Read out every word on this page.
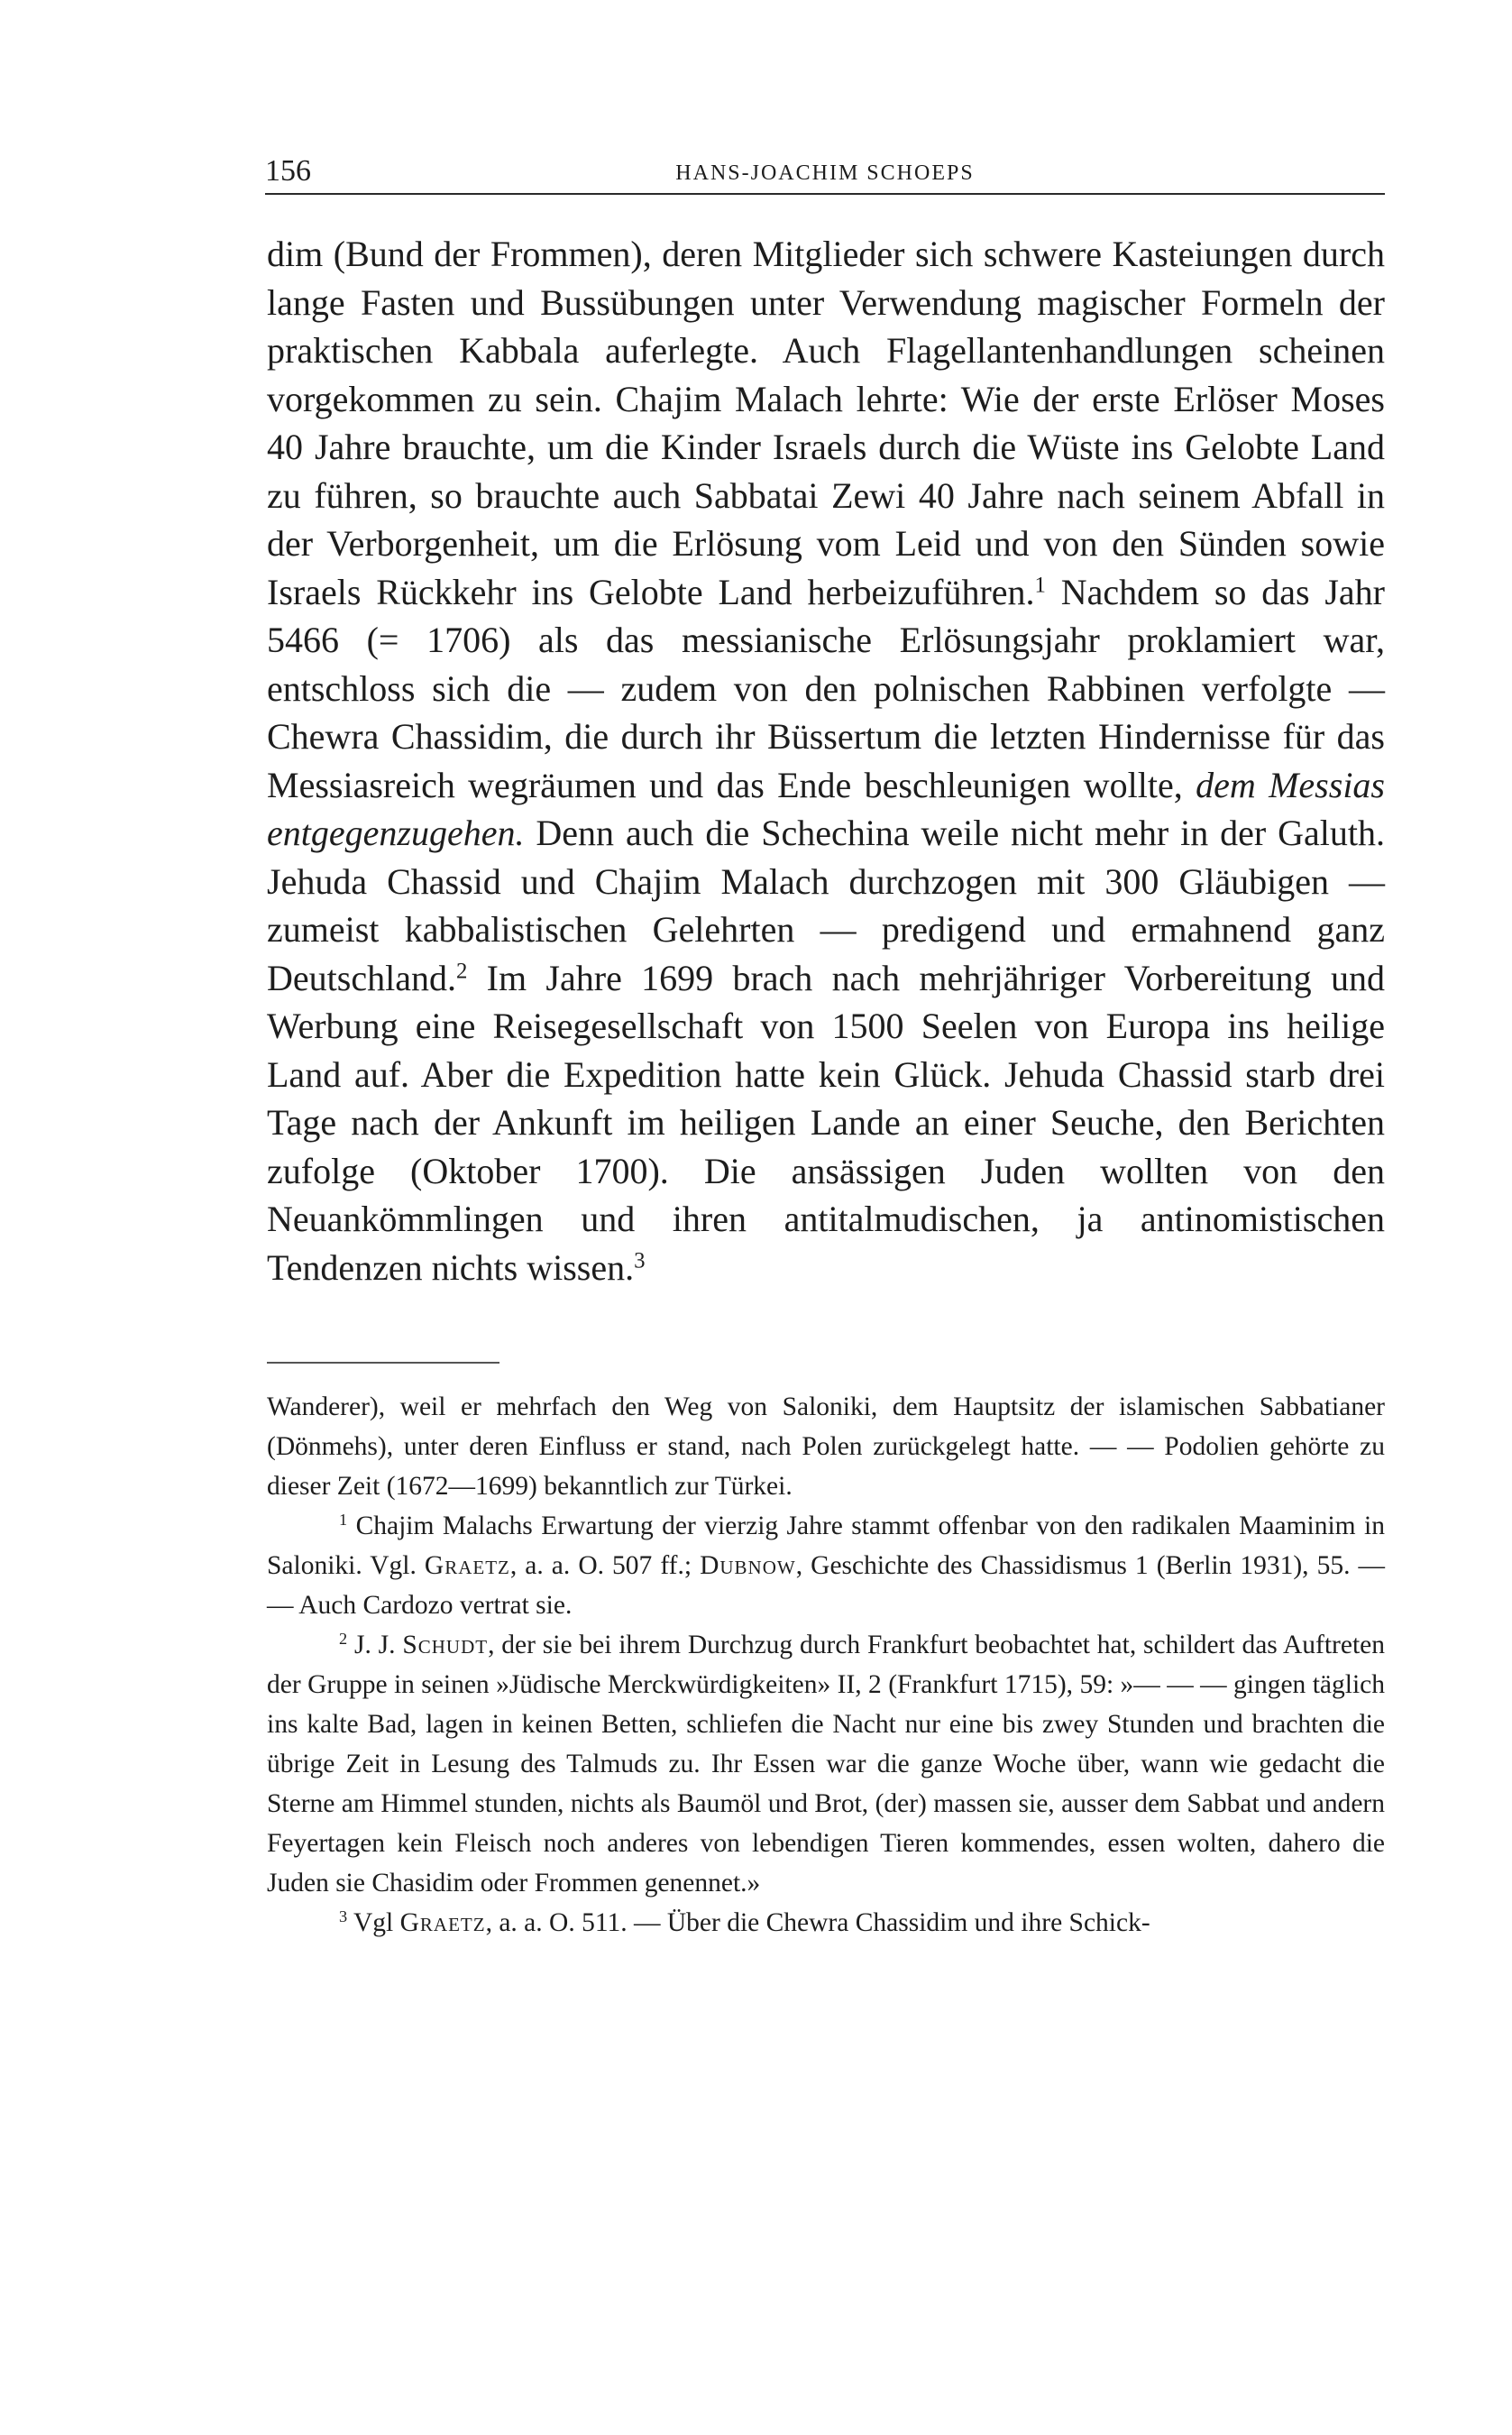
156	HANS-JOACHIM SCHOEPS

dim (Bund der Frommen), deren Mitglieder sich schwere Kasteiungen durch lange Fasten und Bussübungen unter Verwendung magischer Formeln der praktischen Kabbala auferlegte. Auch Flagellantenhandlungen scheinen vorgekommen zu sein. Chajim Malach lehrte: Wie der erste Erlöser Moses 40 Jahre brauchte, um die Kinder Israels durch die Wüste ins Gelobte Land zu führen, so brauchte auch Sabbatai Zewi 40 Jahre nach seinem Abfall in der Verborgenheit, um die Erlösung vom Leid und von den Sünden sowie Israels Rückkehr ins Gelobte Land herbeizuführen.$^1$ Nachdem so das Jahr 5466 (= 1706) als das messianische Erlösungsjahr proklamiert war, entschloss sich die — zudem von den polnischen Rabbinen verfolgte — Chewra Chassidim, die durch ihr Büssertum die letzten Hindernisse für das Messiasreich wegräumen und das Ende beschleunigen wollte, dem Messias entgegenzugehen. Denn auch die Schechina weile nicht mehr in der Galuth. Jehuda Chassid und Chajim Malach durchzogen mit 300 Gläubigen — zumeist kabbalistischen Gelehrten — predigend und ermahnend ganz Deutschland.$^2$ Im Jahre 1699 brach nach mehrjähriger Vorbereitung und Werbung eine Reisegesellschaft von 1500 Seelen von Europa ins heilige Land auf. Aber die Expedition hatte kein Glück. Jehuda Chassid starb drei Tage nach der Ankunft im heiligen Lande an einer Seuche, den Berichten zufolge (Oktober 1700). Die ansässigen Juden wollten von den Neuankömmlingen und ihren antitalmudischen, ja antinomistischen Tendenzen nichts wissen.$^3$

Wanderer), weil er mehrfach den Weg von Saloniki, dem Hauptsitz der islamischen Sabbatianer (Dönmehs), unter deren Einfluss er stand, nach Polen zurückgelegt hatte. — — Podolien gehörte zu dieser Zeit (1672—1699) bekanntlich zur Türkei.

$^1$ Chajim Malachs Erwartung der vierzig Jahre stammt offenbar von den radikalen Maaminim in Saloniki. Vgl. Graetz, a. a. O. 507 ff.; Dubnow, Geschichte des Chassidismus 1 (Berlin 1931), 55. — — Auch Cardozo vertrat sie.

$^2$ J. J. Schudt, der sie bei ihrem Durchzug durch Frankfurt beobachtet hat, schildert das Auftreten der Gruppe in seinen »Jüdische Merckwürdigkeiten» II, 2 (Frankfurt 1715), 59: »— — — gingen täglich ins kalte Bad, lagen in keinen Betten, schliefen die Nacht nur eine bis zwey Stunden und brachten die übrige Zeit in Lesung des Talmuds zu. Ihr Essen war die ganze Woche über, wann wie gedacht die Sterne am Himmel stunden, nichts als Baumöl und Brot, (der) massen sie, ausser dem Sabbat und andern Feyertagen kein Fleisch noch anderes von lebendigen Tieren kommendes, essen wolten, dahero die Juden sie Chasidim oder Frommen genennet.»

$^3$ Vgl Graetz, a. a. O. 511. — Über die Chewra Chassidim und ihre Schick-
